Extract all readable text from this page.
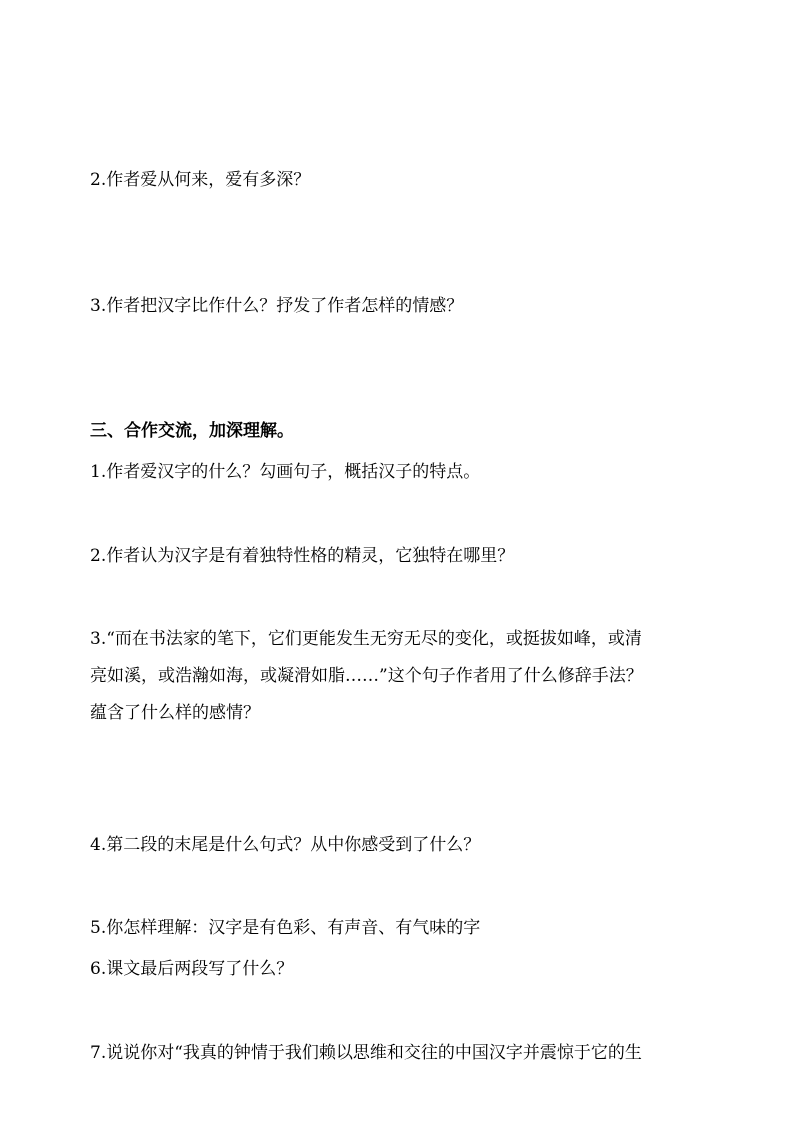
2.作者爱从何来，爱有多深？

3.作者把汉字比作什么？抒发了作者怎样的情感？

三、合作交流，加深理解。

1.作者爱汉字的什么？勾画句子，概括汉子的特点。

2.作者认为汉字是有着独特性格的精灵，它独特在哪里？

3.“而在书法家的笔下，它们更能发生无穷无尽的变化，或挺拔如峰，或清
亮如溪，或浩瀚如海，或凝滑如脂……”这个句子作者用了什么修辞手法？
蕴含了什么样的感情？

4.第二段的末尾是什么句式？从中你感受到了什么？

5.你怎样理解：汉字是有色彩、有声音、有气味的字

6.课文最后两段写了什么？

7.说说你对“我真的钟情于我们赖以思维和交往的中国汉字并震惊于它的生
